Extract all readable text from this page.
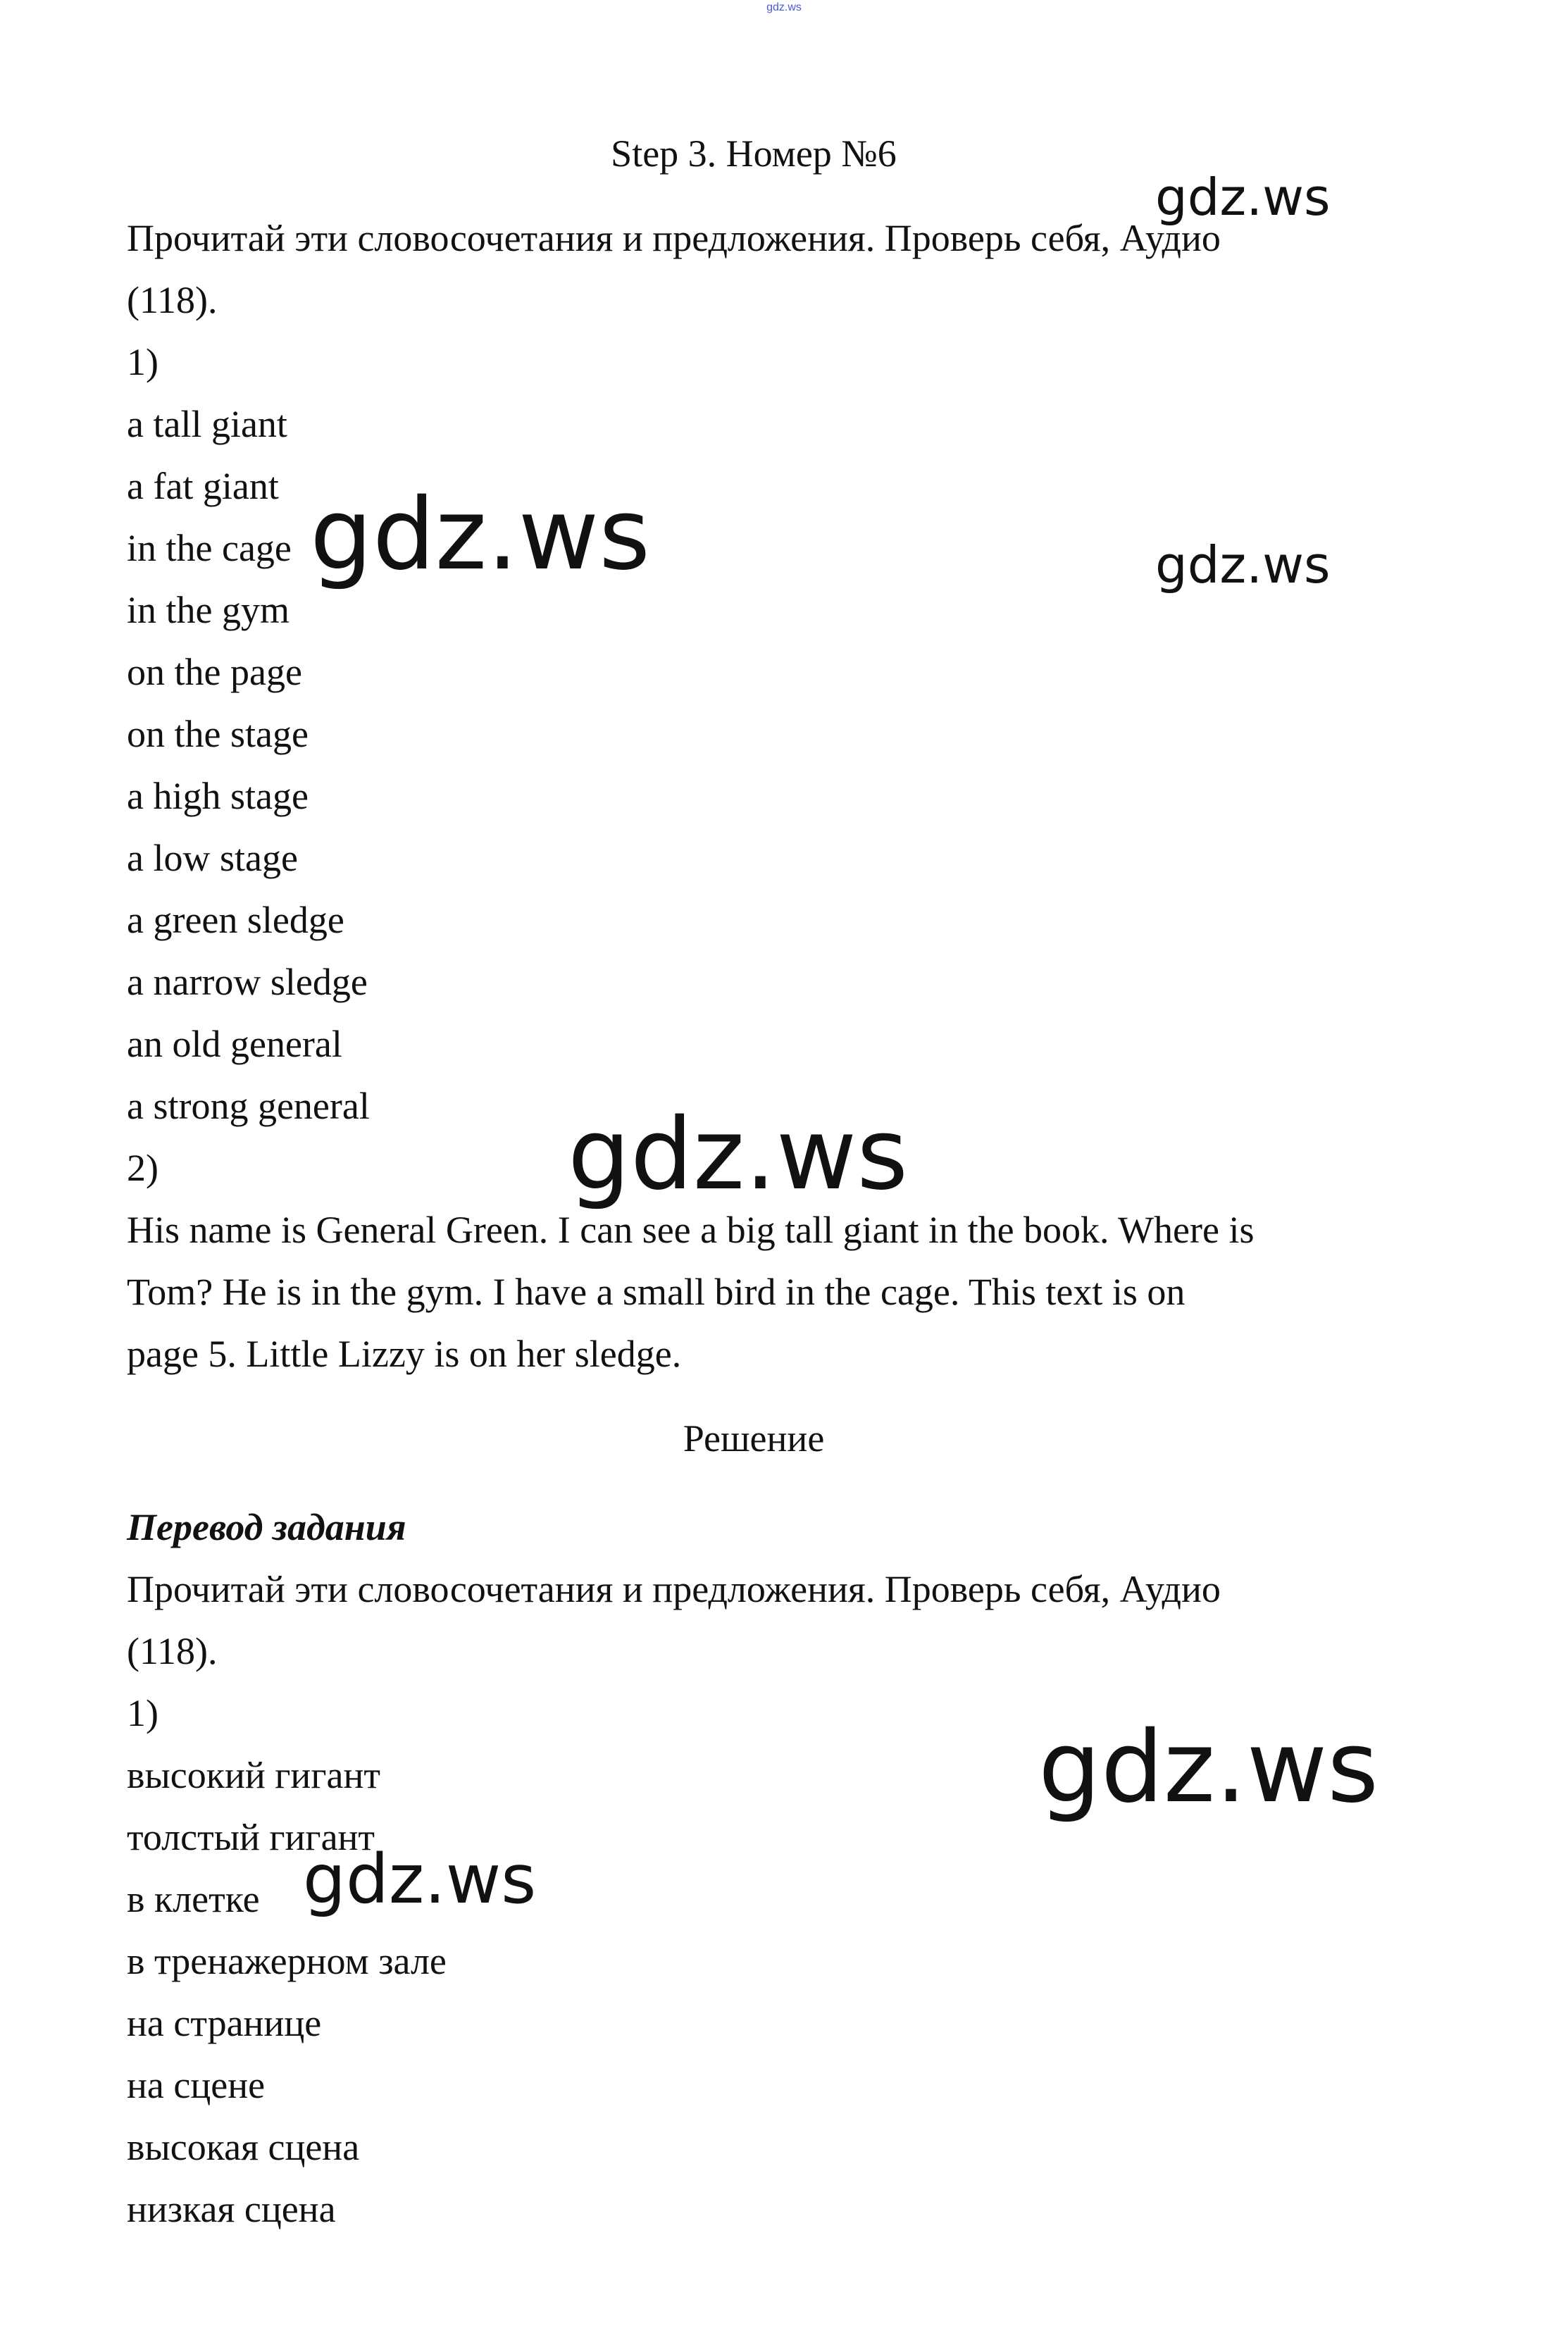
gdz.ws
Step 3. Номер №6
Прочитай эти словосочетания и предложения. Проверь себя, Аудио
(118).
1)
a tall giant
a fat giant
in the cage
in the gym
on the page
on the stage
a high stage
a low stage
a green sledge
a narrow sledge
an old general
a strong general
2)
His name is General Green. I can see a big tall giant in the book. Where is
Tom? He is in the gym. I have a small bird in the cage. This text is on
page 5. Little Lizzy is on her sledge.
Решение
Перевод задания
Прочитай эти словосочетания и предложения. Проверь себя, Аудио
(118).
1)
высокий гигант
толстый гигант
в клетке
в тренажерном зале
на странице
на сцене
высокая сцена
низкая сцена
gdz.ws
gdz.ws	gdz.ws
gdz.ws
gdz.ws
gdz.ws
